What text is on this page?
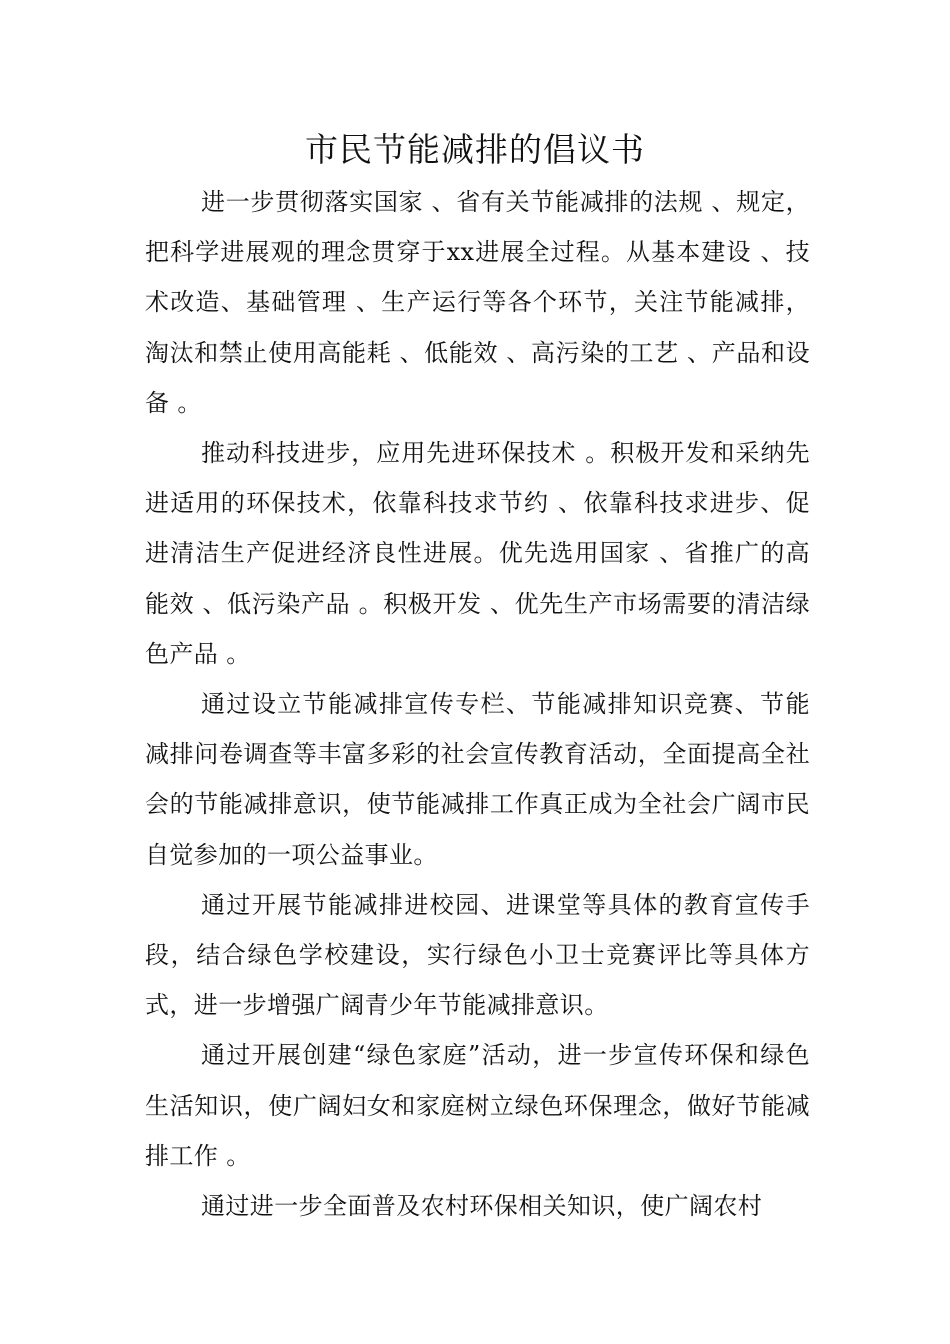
市民节能减排的倡议书

进一步贯彻落实国家 、省有关节能减排的法规 、规定，把科学进展观的理念贯穿于xx进展全过程。从基本建设 、技术改造、基础管理 、生产运行等各个环节，关注节能减排，淘汰和禁止使用高能耗 、低能效 、高污染的工艺 、产品和设备 。

推动科技进步，应用先进环保技术 。积极开发和采纳先进适用的环保技术，依靠科技求节约 、依靠科技求进步、促进清洁生产促进经济良性进展。优先选用国家 、省推广的高能效 、低污染产品 。积极开发 、优先生产市场需要的清洁绿色产品 。

通过设立节能减排宣传专栏、节能减排知识竞赛、节能减排问卷调查等丰富多彩的社会宣传教育活动，全面提高全社会的节能减排意识，使节能减排工作真正成为全社会广阔市民自觉参加的一项公益事业。

通过开展节能减排进校园、进课堂等具体的教育宣传手段，结合绿色学校建设，实行绿色小卫士竞赛评比等具体方式，进一步增强广阔青少年节能减排意识。

通过开展创建“绿色家庭”活动，进一步宣传环保和绿色生活知识，使广阔妇女和家庭树立绿色环保理念，做好节能减排工作 。

通过进一步全面普及农村环保相关知识，使广阔农村
